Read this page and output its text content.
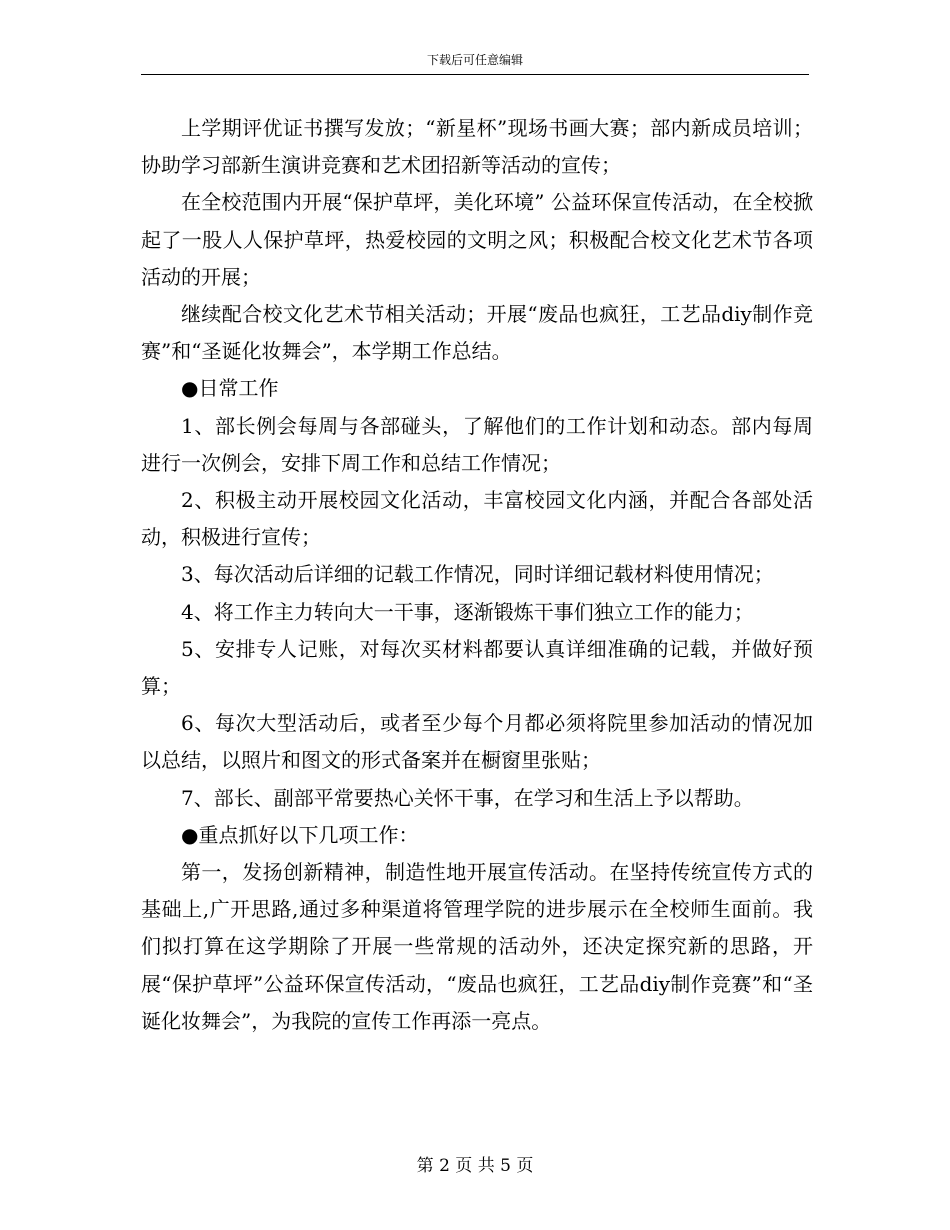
下载后可任意编辑

上学期评优证书撰写发放；“新星杯”现场书画大赛；部内新成员培训；协助学习部新生演讲竞赛和艺术团招新等活动的宣传；

在全校范围内开展“保护草坪，美化环境” 公益环保宣传活动，在全校掀起了一股人人保护草坪，热爱校园的文明之风；积极配合校文化艺术节各项活动的开展；

继续配合校文化艺术节相关活动；开展“废品也疯狂，工艺品diy制作竞赛”和“圣诞化妆舞会”，本学期工作总结。

●日常工作

1、部长例会每周与各部碰头，了解他们的工作计划和动态。部内每周进行一次例会，安排下周工作和总结工作情况；

2、积极主动开展校园文化活动，丰富校园文化内涵，并配合各部处活动，积极进行宣传；

3、每次活动后详细的记载工作情况，同时详细记载材料使用情况；

4、将工作主力转向大一干事，逐渐锻炼干事们独立工作的能力；

5、安排专人记账，对每次买材料都要认真详细准确的记载，并做好预算；

6、每次大型活动后，或者至少每个月都必须将院里参加活动的情况加以总结，以照片和图文的形式备案并在橱窗里张贴；

7、部长、副部平常要热心关怀干事，在学习和生活上予以帮助。

●重点抓好以下几项工作：

第一，发扬创新精神，制造性地开展宣传活动。在坚持传统宣传方式的基础上,广开思路,通过多种渠道将管理学院的进步展示在全校师生面前。我们拟打算在这学期除了开展一些常规的活动外，还决定探究新的思路，开展“保护草坪”公益环保宣传活动，“废品也疯狂，工艺品diy制作竞赛”和“圣诞化妆舞会”，为我院的宣传工作再添一亮点。

第 2 页 共 5 页
